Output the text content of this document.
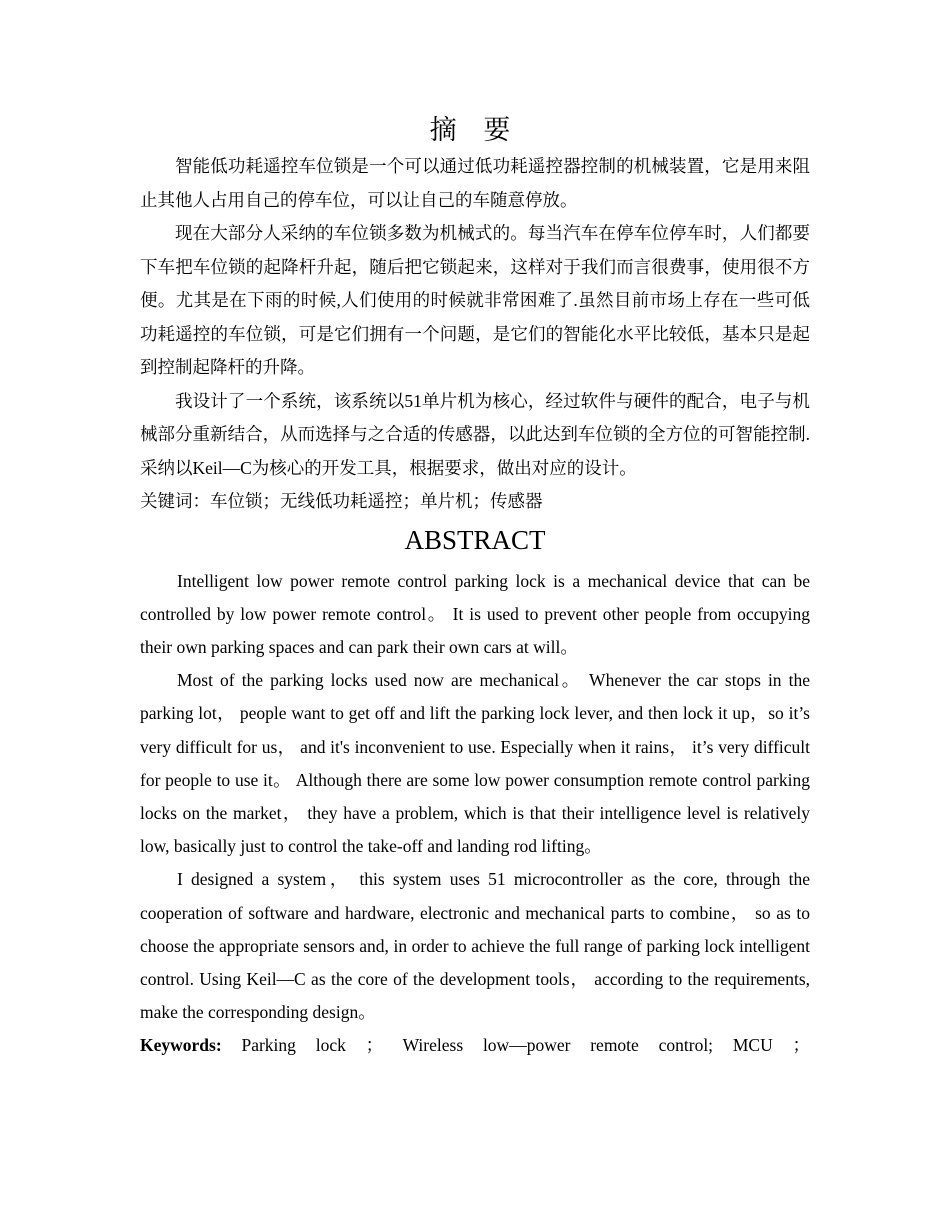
摘 要

智能低功耗遥控车位锁是一个可以通过低功耗遥控器控制的机械装置，它是用来阻止其他人占用自己的停车位，可以让自己的车随意停放。

现在大部分人采纳的车位锁多数为机械式的。每当汽车在停车位停车时，人们都要下车把车位锁的起降杆升起，随后把它锁起来，这样对于我们而言很费事，使用很不方便。尤其是在下雨的时候,人们使用的时候就非常困难了.虽然目前市场上存在一些可低功耗遥控的车位锁，可是它们拥有一个问题，是它们的智能化水平比较低，基本只是起到控制起降杆的升降。

我设计了一个系统，该系统以51单片机为核心，经过软件与硬件的配合，电子与机械部分重新结合，从而选择与之合适的传感器，以此达到车位锁的全方位的可智能控制.采纳以Keil—C为核心的开发工具，根据要求，做出对应的设计。

关键词：车位锁；无线低功耗遥控；单片机；传感器

ABSTRACT

Intelligent low power remote control parking lock is a mechanical device that can be controlled by low power remote control。 It is used to prevent other people from occupying their own parking spaces and can park their own cars at will。

Most of the parking locks used now are mechanical。 Whenever the car stops in the parking lot， people want to get off and lift the parking lock lever, and then lock it up，so it’s very difficult for us， and it's inconvenient to use. Especially when it rains， it’s very difficult for people to use it。 Although there are some low power consumption remote control parking locks on the market， they have a problem, which is that their intelligence level is relatively low, basically just to control the take-off and landing rod lifting。

I designed a system， this system uses 51 microcontroller as the core, through the cooperation of software and hardware, electronic and mechanical parts to combine， so as to choose the appropriate sensors and, in order to achieve the full range of parking lock intelligent control. Using Keil—C as the core of the development tools， according to the requirements, make the corresponding design。

Keywords: Parking lock ； Wireless low—power remote control; MCU ；
